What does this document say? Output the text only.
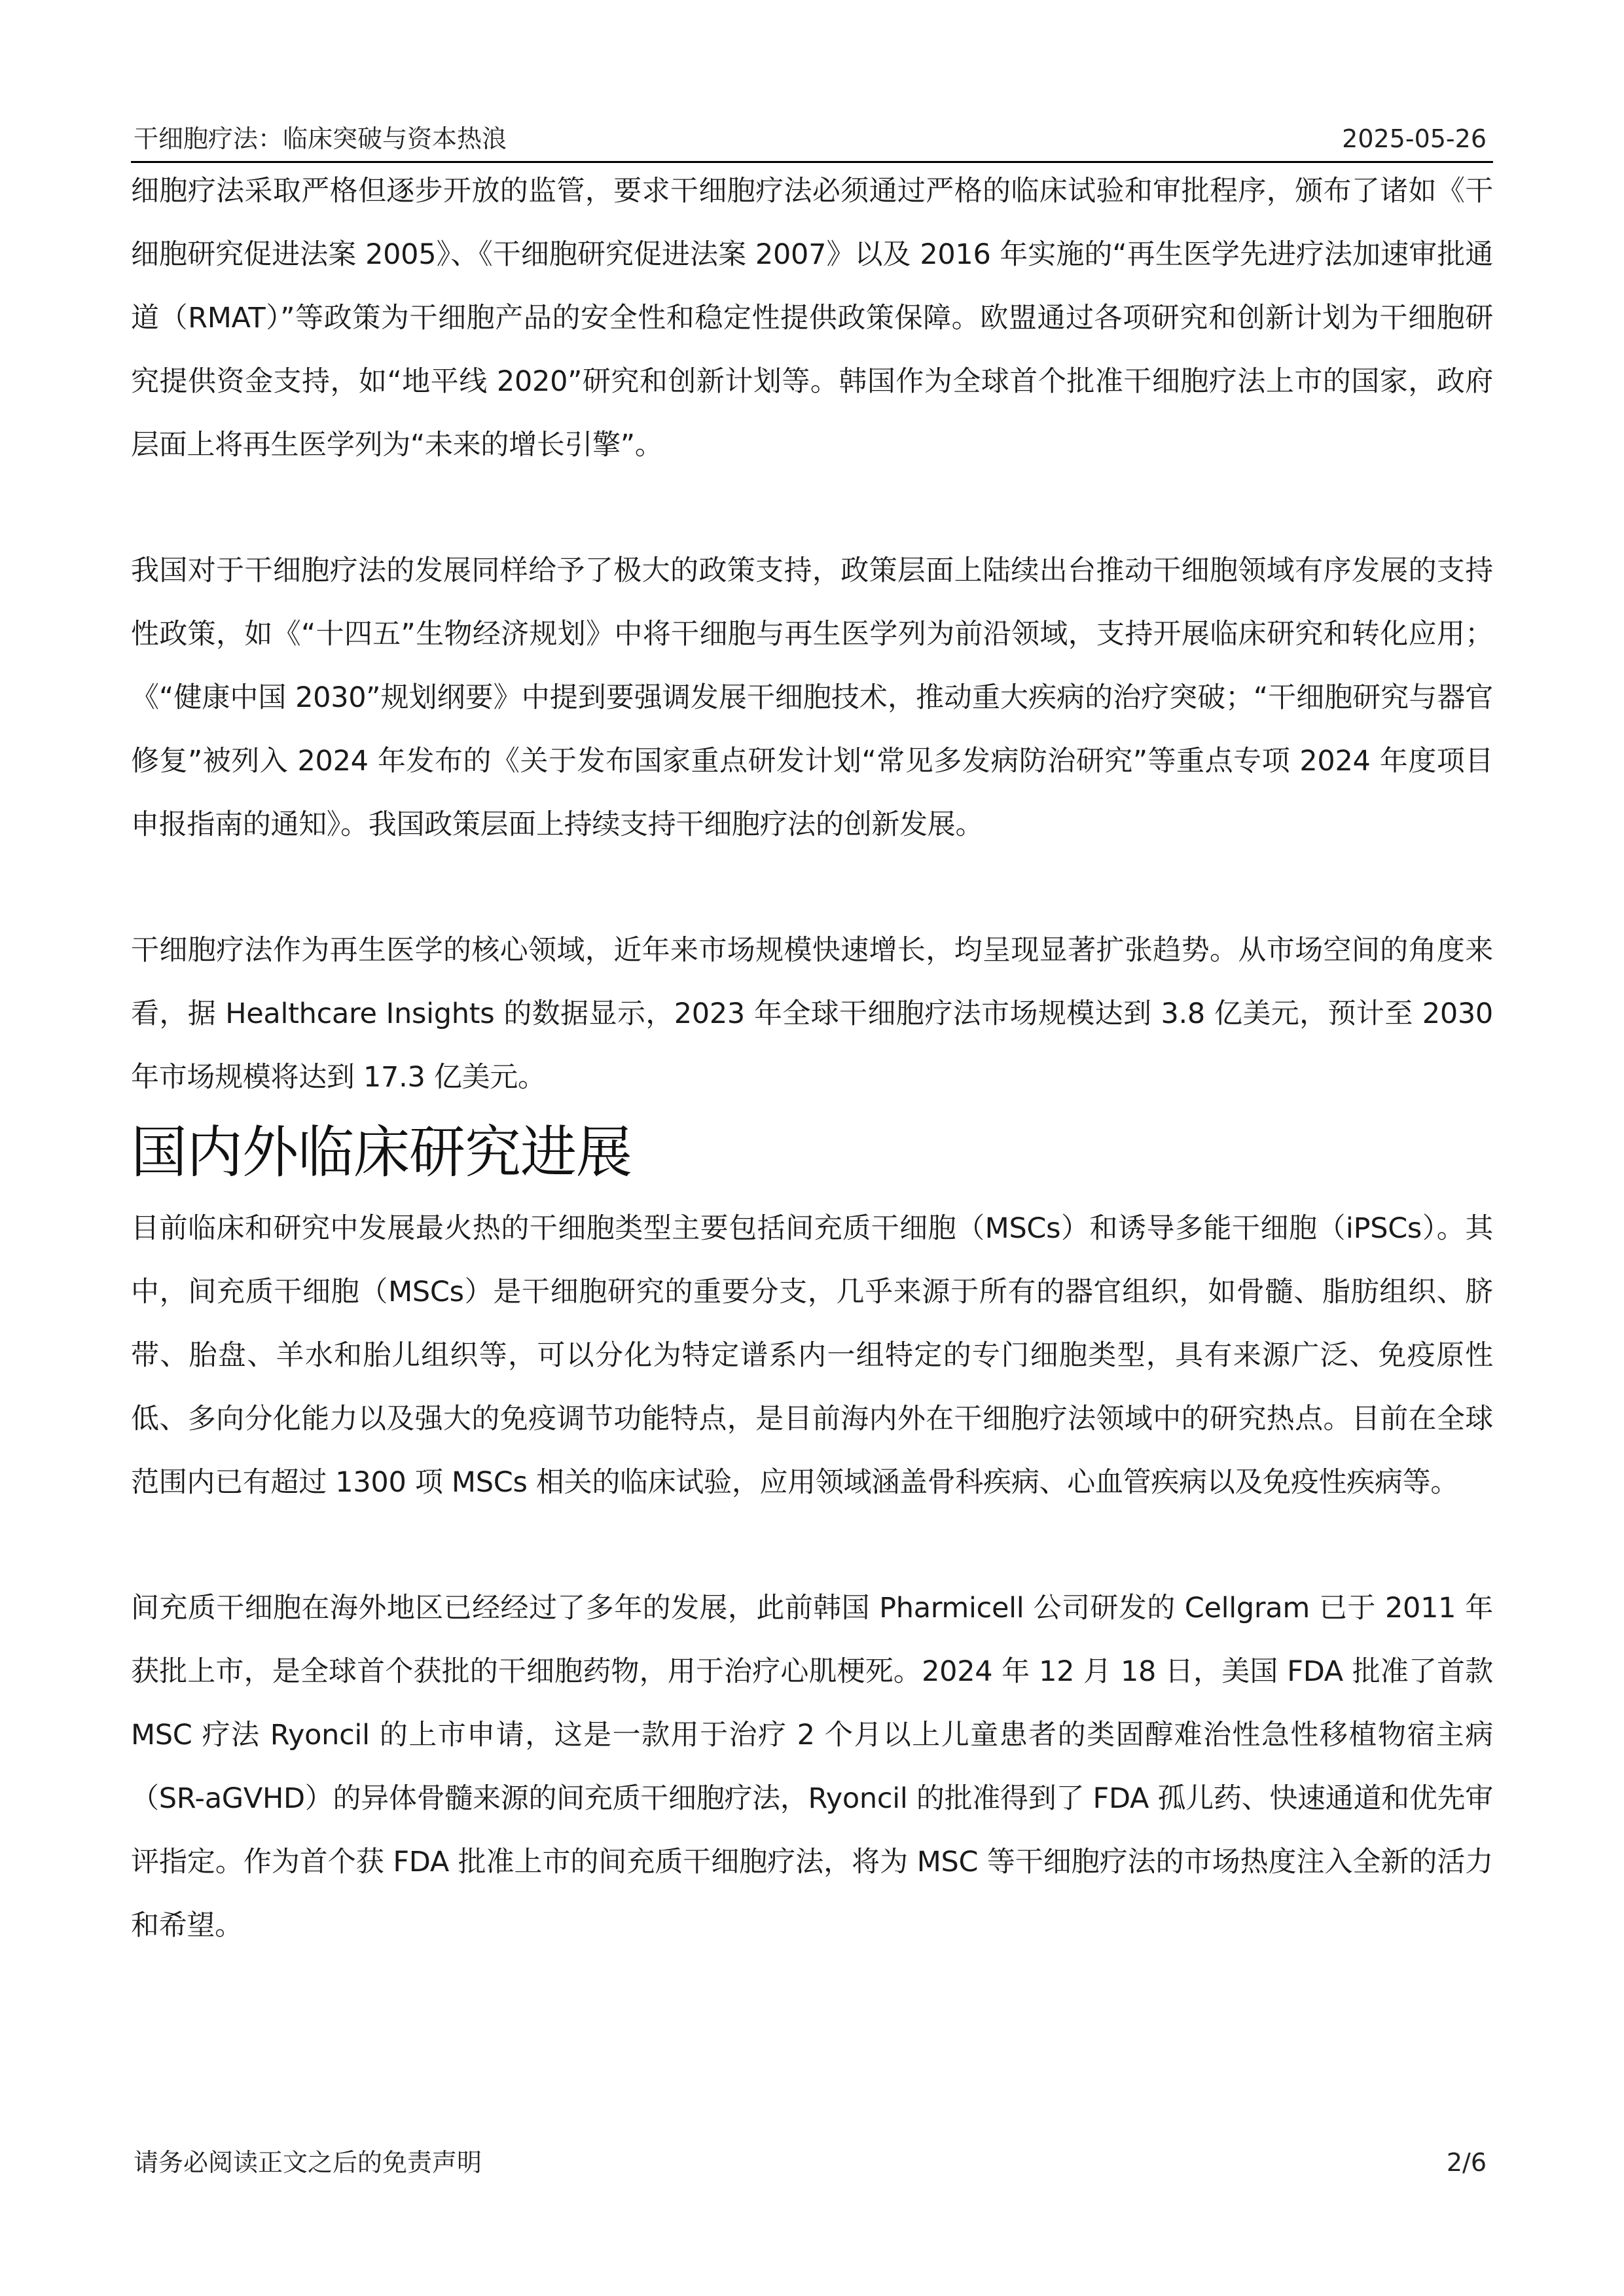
干细胞疗法：临床突破与资本热浪	2025-05-26

细胞疗法采取严格但逐步开放的监管，要求干细胞疗法必须通过严格的临床试验和审批程序，颁布了诸如《干细胞研究促进法案 2005》、《干细胞研究促进法案 2007》以及 2016 年实施的“再生医学先进疗法加速审批通道（RMAT）”等政策为干细胞产品的安全性和稳定性提供政策保障。欧盟通过各项研究和创新计划为干细胞研究提供资金支持，如“地平线 2020”研究和创新计划等。韩国作为全球首个批准干细胞疗法上市的国家，政府层面上将再生医学列为“未来的增长引擎”。

我国对于干细胞疗法的发展同样给予了极大的政策支持，政策层面上陆续出台推动干细胞领域有序发展的支持性政策，如《“十四五”生物经济规划》中将干细胞与再生医学列为前沿领域，支持开展临床研究和转化应用；《“健康中国 2030”规划纲要》中提到要强调发展干细胞技术，推动重大疾病的治疗突破；“干细胞研究与器官修复”被列入 2024 年发布的《关于发布国家重点研发计划“常见多发病防治研究”等重点专项 2024 年度项目申报指南的通知》。我国政策层面上持续支持干细胞疗法的创新发展。

干细胞疗法作为再生医学的核心领域，近年来市场规模快速增长，均呈现显著扩张趋势。从市场空间的角度来看，据 Healthcare Insights 的数据显示，2023 年全球干细胞疗法市场规模达到 3.8 亿美元，预计至 2030 年市场规模将达到 17.3 亿美元。

国内外临床研究进展

目前临床和研究中发展最火热的干细胞类型主要包括间充质干细胞（MSCs）和诱导多能干细胞（iPSCs）。其中，间充质干细胞（MSCs）是干细胞研究的重要分支，几乎来源于所有的器官组织，如骨髓、脂肪组织、脐带、胎盘、羊水和胎儿组织等，可以分化为特定谱系内一组特定的专门细胞类型，具有来源广泛、免疫原性低、多向分化能力以及强大的免疫调节功能特点，是目前海内外在干细胞疗法领域中的研究热点。目前在全球范围内已有超过 1300 项 MSCs 相关的临床试验，应用领域涵盖骨科疾病、心血管疾病以及免疫性疾病等。

间充质干细胞在海外地区已经经过了多年的发展，此前韩国 Pharmicell 公司研发的 Cellgram 已于 2011 年获批上市，是全球首个获批的干细胞药物，用于治疗心肌梗死。2024 年 12 月 18 日，美国 FDA 批准了首款 MSC 疗法 Ryoncil 的上市申请，这是一款用于治疗 2 个月以上儿童患者的类固醇难治性急性移植物宿主病（SR-aGVHD）的异体骨髓来源的间充质干细胞疗法，Ryoncil 的批准得到了 FDA 孤儿药、快速通道和优先审评指定。作为首个获 FDA 批准上市的间充质干细胞疗法，将为 MSC 等干细胞疗法的市场热度注入全新的活力和希望。

请务必阅读正文之后的免责声明	2/6
